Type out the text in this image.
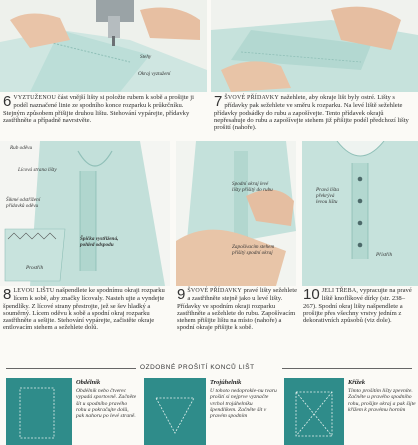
Stehy
Okraj vyztužení
6 VYZTUŽENOU část vnější lišty si položte rubem k sobě a prošijte ji podél naznačené linie ze spodního konce rozparku k průkrčníku. Stejným způsobem přišijte druhou lištu. Stehování vypárejte, přídavky zastřihněte a případně navrstvěte.
7 ŠVOVÉ PŘÍDAVKY nažehlete, aby okraje lišt byly ostré. Lišty s přídavky pak sežehlete ve směru k rozparku. Na levé liště sežehlete přídavky podsádky do rubu a zapošívejte. Tento přídavek okrajů nepřesahuje do rubu a zapošívejte stehem již přišijte podél předchozí lišty prošití (nahoře).
Rub oděvu
Lícová strana lišty
Šikmé odstřižení přídavků oděvu
Špička vystřižená, pohled odspodu
Prostřih
Spodní okraj levé lišty přišitý do rubu
Zapošívacím stehem přišitý spodní okraj
Pravá lišta překrývá levou lištu
Přístřih
8 LEVOU LIŠTU našpendlete ke spodnímu okraji rozparku lícem k sobě, aby značky lícovaly. Nasteh ujte a vyndejte špendlíky. Z lícové strany přestrojte, jež se šev hladký a souměrný. Lícem oděvu k sobě a spodní okraj rozparku zastřihněte a sešijte. Stehování vypárejte, začistěte okraje entlovacím stehem a sežehlete dolů.
9 ŠVOVÉ PŘÍDAVKY pravé lišty sežehlete a zastřihněte stejně jako u levé lišty. Přídavky ve spodním okraji rozparku zastřihněte a sežehlete do rubu. Zapošívacím stehem přišijte lištu na místo (nahoře) a spodní okraje přišijte k sobě.
10 JELI TŘEBA, vypracujte na pravé liště knoflíkové dírky (str. 238–267). Spodní okraj lišty našpendlete a prošijte přes všechny vrstvy jedním z dekorativních způsobů (viz dole).
OZDOBNÉ PROŠITÍ KONCŮ LIŠT
Obdélník
Obdélník nebo čtverec vypadá sportovně. Začněte šít u spodního pravého rohu a pokračujte dolů, pak nahoru po levé straně.
Trojúhelník
U tohoto nedoprokle-nu tvaru prošití si nejprve vyznačte vrchol trojúhelníku špendlíkem. Začněte šít v pravém spodním
Křížek
Tímto prošitím lišty zpevníte. Začněte u pravého spodního rohu, prošijte okraj a pak šijte křížem k pravému horním
